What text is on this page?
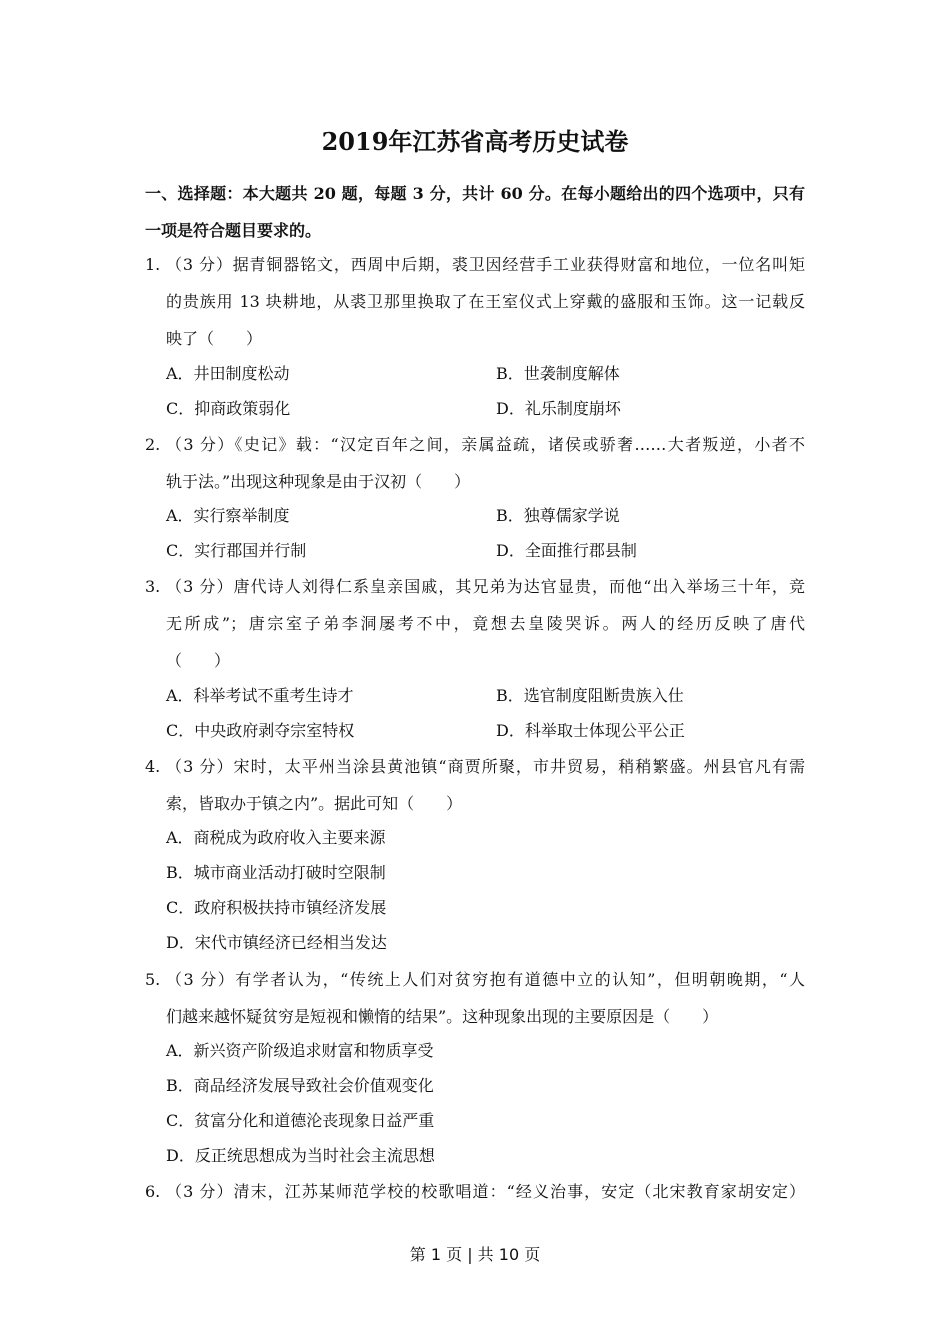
2019年江苏省高考历史试卷
一、选择题：本大题共 20 题，每题 3 分，共计 60 分。在每小题给出的四个选项中，只有
一项是符合题目要求的。
1. （3 分）据青铜器铭文，西周中后期，裘卫因经营手工业获得财富和地位，一位名叫矩
的贵族用 13 块耕地，从裘卫那里换取了在王室仪式上穿戴的盛服和玉饰。这一记载反
映了（　　）
A．井田制度松动	B．世袭制度解体
C．抑商政策弱化	D．礼乐制度崩坏
2. （3 分）《史记》载：“汉定百年之间，亲属益疏，诸侯或骄奢……大者叛逆，小者不
轨于法。”出现这种现象是由于汉初（　　）
A．实行察举制度	B．独尊儒家学说
C．实行郡国并行制	D．全面推行郡县制
3. （3 分）唐代诗人刘得仁系皇亲国戚，其兄弟为达官显贵，而他“出入举场三十年，竞
无所成”；唐宗室子弟李洞屡考不中，竟想去皇陵哭诉。两人的经历反映了唐代
（　　）
A．科举考试不重考生诗才	B．选官制度阻断贵族入仕
C．中央政府剥夺宗室特权	D．科举取士体现公平公正
4. （3 分）宋时，太平州当涂县黄池镇“商贾所聚，市井贸易，稍稍繁盛。州县官凡有需
索，皆取办于镇之内”。据此可知（　　）
A．商税成为政府收入主要来源
B．城市商业活动打破时空限制
C．政府积极扶持市镇经济发展
D．宋代市镇经济已经相当发达
5. （3 分）有学者认为，“传统上人们对贫穷抱有道德中立的认知”，但明朝晚期，“人
们越来越怀疑贫穷是短视和懒惰的结果”。这种现象出现的主要原因是（　　）
A．新兴资产阶级追求财富和物质享受
B．商品经济发展导致社会价值观变化
C．贫富分化和道德沦丧现象日益严重
D．反正统思想成为当时社会主流思想
6. （3 分）清末，江苏某师范学校的校歌唱道：“经义治事，安定（北宋教育家胡安定）
第 1 页 | 共 10 页
